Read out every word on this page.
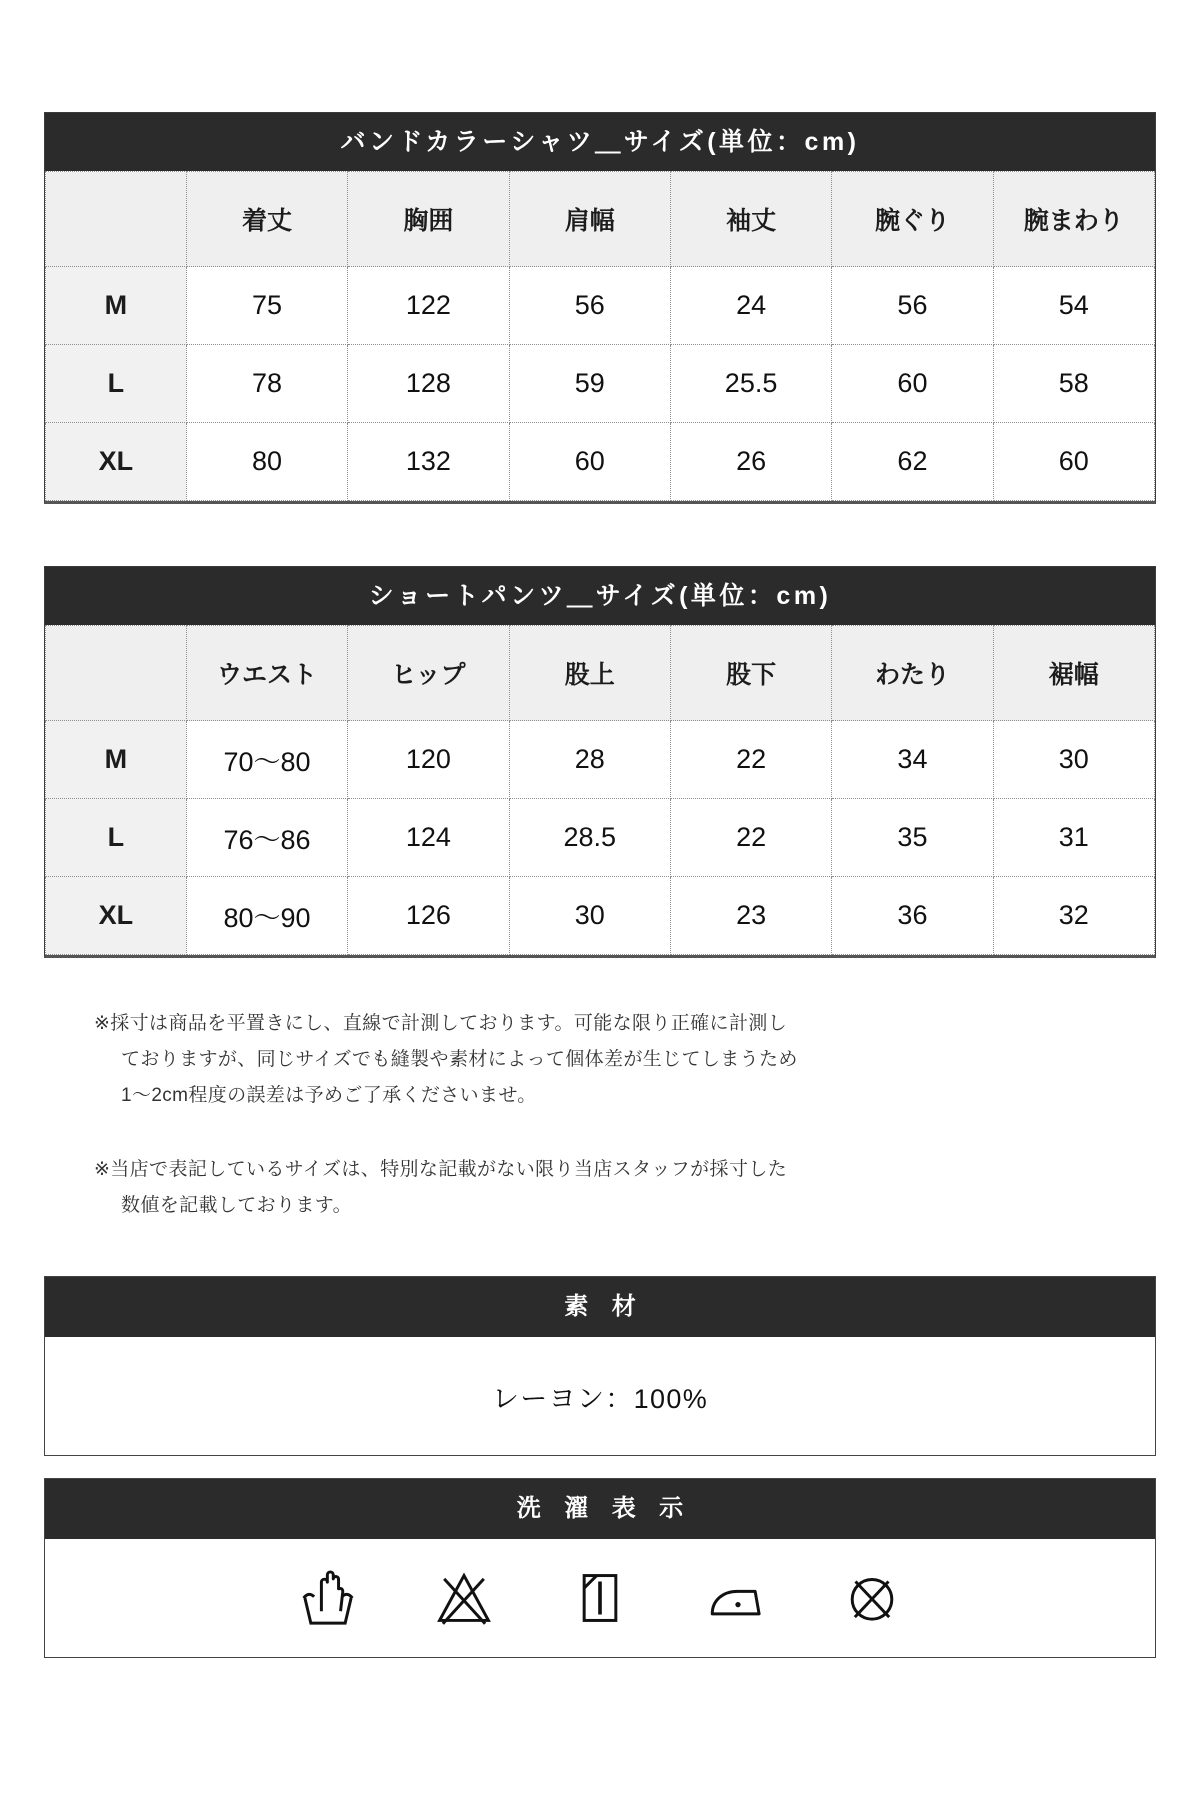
バンドカラーシャツ＿サイズ(単位：cm)
	着丈	胸囲	肩幅	袖丈	腕ぐり	腕まわり
M	75	122	56	24	56	54
L	78	128	59	25.5	60	58
XL	80	132	60	26	62	60
ショートパンツ＿サイズ(単位：cm)
	ウエスト	ヒップ	股上	股下	わたり	裾幅
M	70〜80	120	28	22	34	30
L	76〜86	124	28.5	22	35	31
XL	80〜90	126	30	23	36	32
※採寸は商品を平置きにし、直線で計測しております。可能な限り正確に計測し
ておりますが、同じサイズでも縫製や素材によって個体差が生じてしまうため
1〜2cm程度の誤差は予めご了承くださいませ。
※当店で表記しているサイズは、特別な記載がない限り当店スタッフが採寸した
数値を記載しております。
素 材
レーヨン：100%
洗 濯 表 示
